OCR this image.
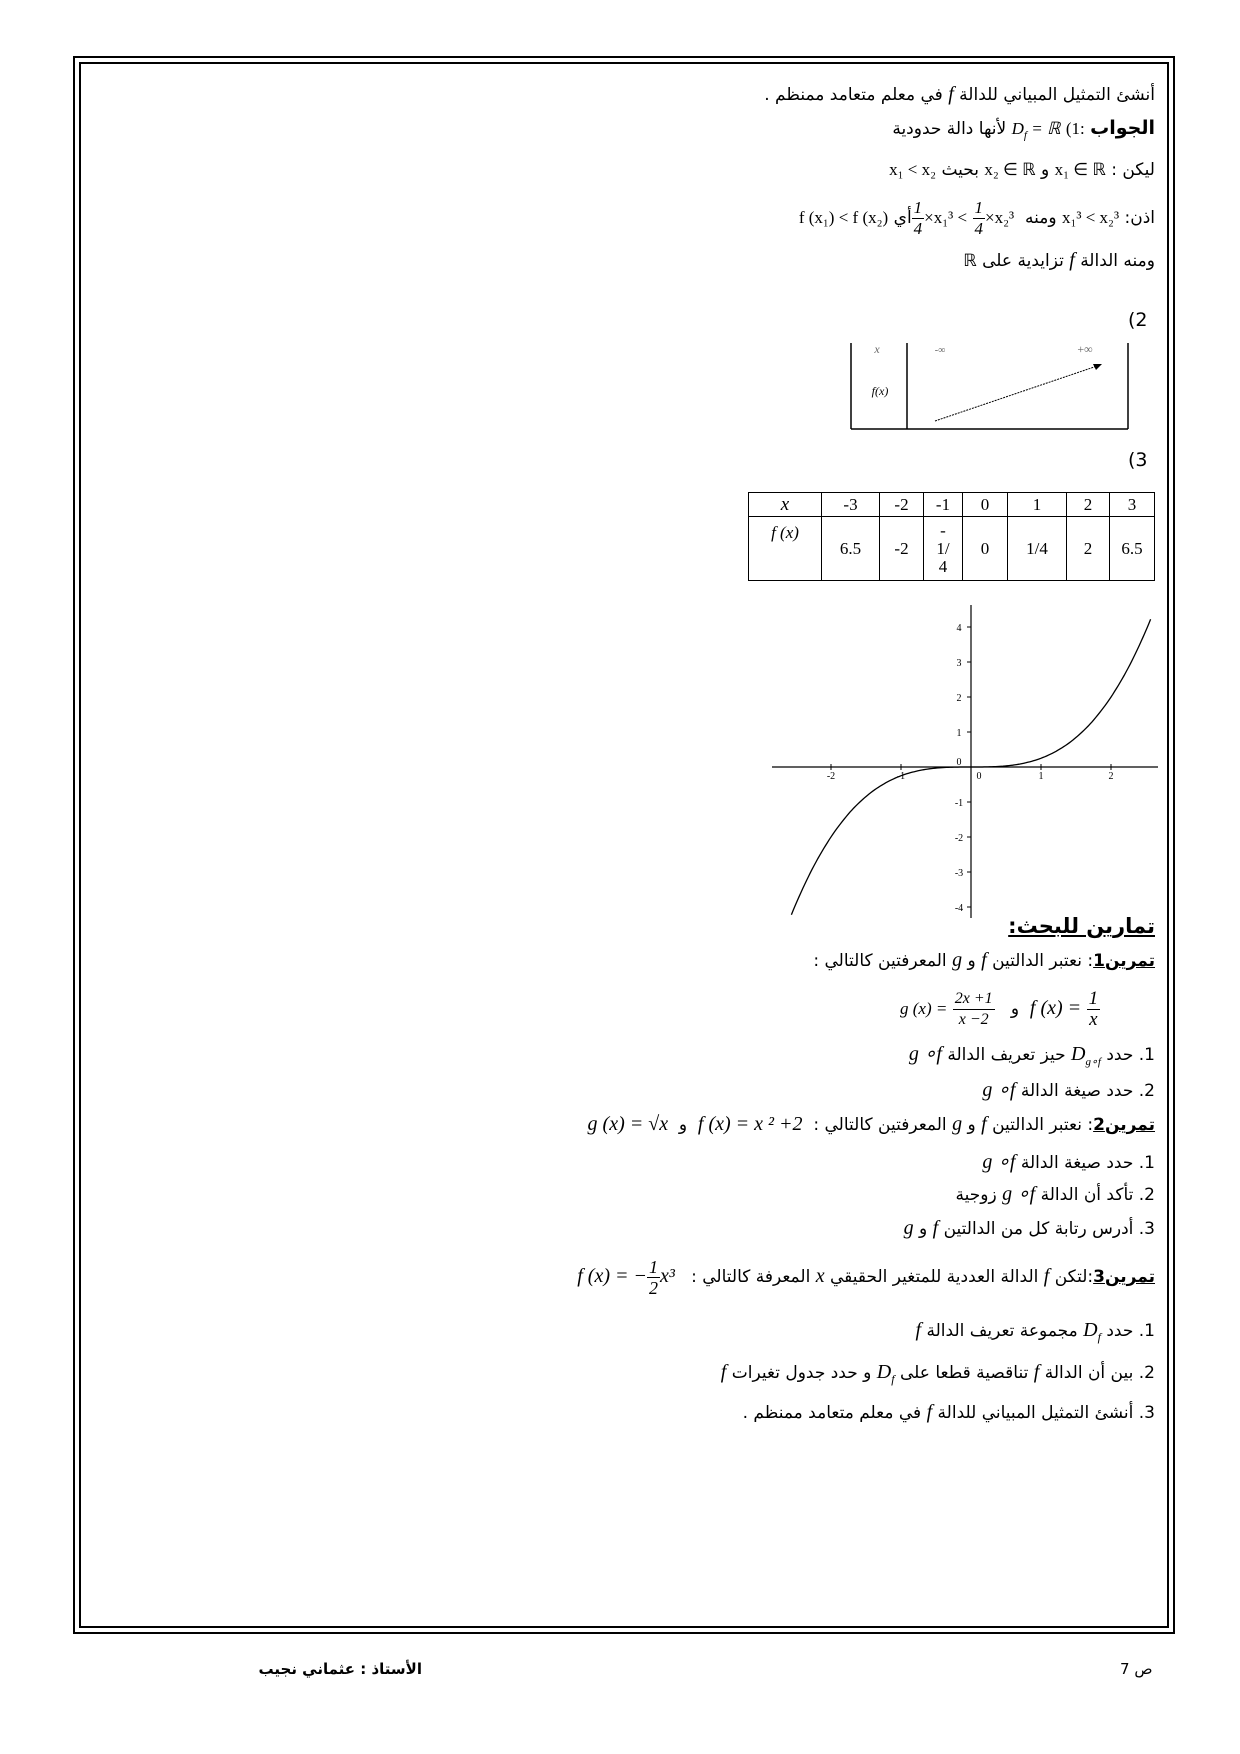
أنشئ التمثيل المبياني للدالة f في معلم متعامد ممنظم .
الجواب :1) $D_f$ = ℝ لأنها دالة حدودية
ليكن : x₁ ∈ ℝ و x₂ ∈ ℝ بحيث x₁ < x₂
اذن: x₁³ < x₂³ ومنه
$\frac{1}{4} \times x_1^3 < \frac{1}{4} \times x_2^3$ أي f (x₁) < f (x₂)
ومنه الدالة f تزايدية على ℝ
(2
x	-∞	+∞
f(x)
(3
x	-3	-2	-1	0	1	2	3
f (x)	6.5	-2	-
1/
4	0	1/4	2	6.5
-2	-1	0	1	2
4
3
2
1
0
-1
-2
-3
-4
تمارين للبحث:
تمرين1: نعتبر الدالتين f و g المعرفتين كالتالي :
g $(x) = \frac{2x +1}{x -2}$ و f $(x) = \frac{1}{x}$
1. حدد $D_{g\circ f}$ حيز تعريف الدالة g ∘f
2. حدد صيغة الدالة g ∘f
تمرين2: نعتبر الدالتين f و g المعرفتين كالتالي :  f (x) = x ² +2  و  g (x) = √x
1. حدد صيغة الدالة g ∘f
2. تأكد أن الدالة g ∘f زوجية
3. أدرس رتابة كل من الدالتين f و g
تمرين3:لتكن f الدالة العددية للمتغير الحقيقي x المعرفة كالتالي :   f (x) = − $\frac{1}{2} x^3$
1. حدد $D_f$ مجموعة تعريف الدالة f
2. بين أن الدالة f تناقصية قطعا على $D_f$ و حدد جدول تغيرات f
3. أنشئ التمثيل المبياني للدالة f في معلم متعامد ممنظم .
ص 7
الأستاذ : عثماني نجيب
